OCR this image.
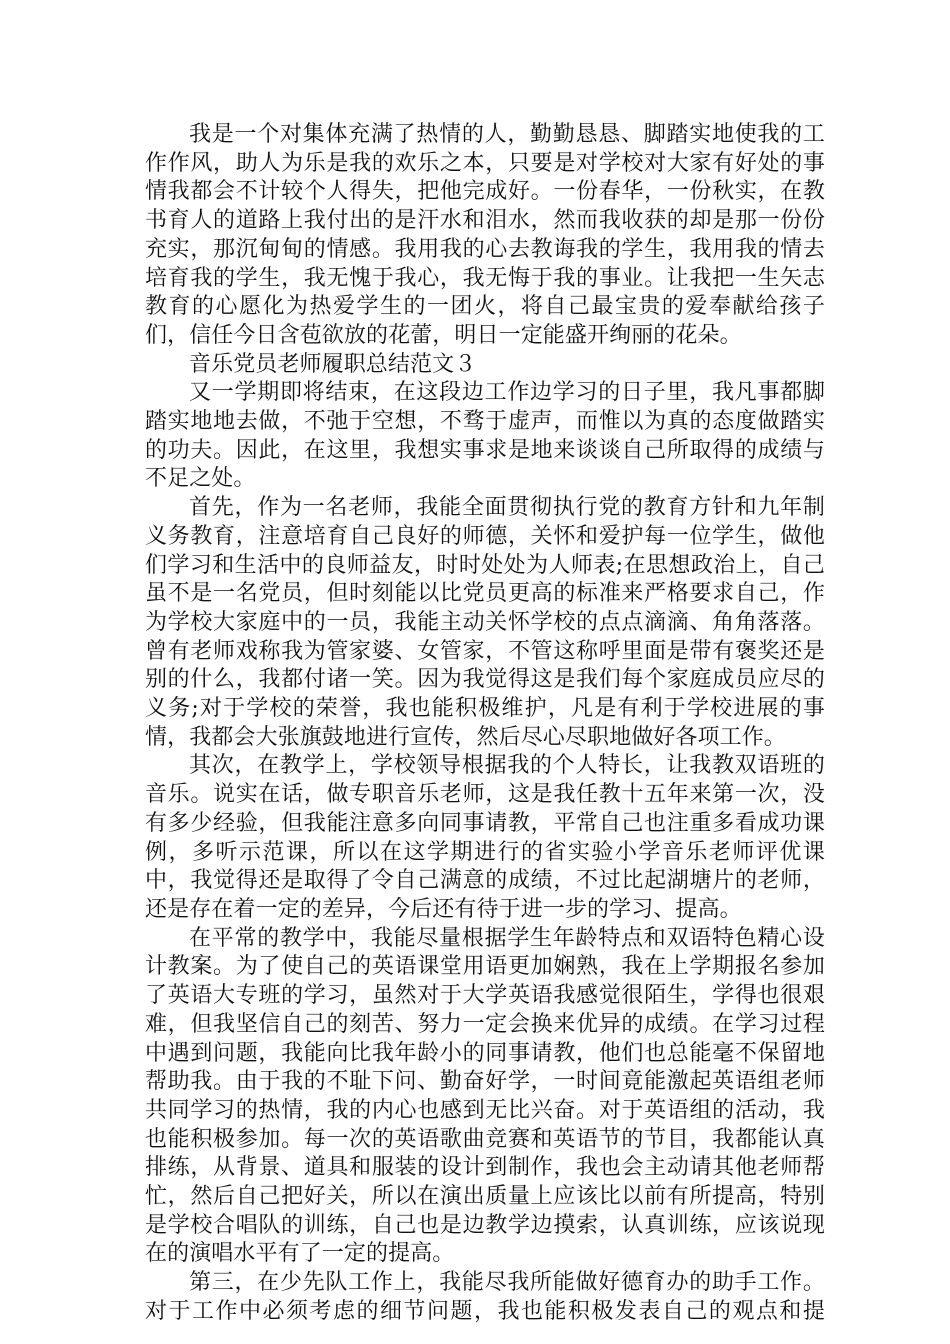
我是一个对集体充满了热情的人，勤勤恳恳、脚踏实地使我的工作作风，助人为乐是我的欢乐之本，只要是对学校对大家有好处的事情我都会不计较个人得失，把他完成好。一份春华，一份秋实，在教书育人的道路上我付出的是汗水和泪水，然而我收获的却是那一份份充实，那沉甸甸的情感。我用我的心去教诲我的学生，我用我的情去培育我的学生，我无愧于我心，我无悔于我的事业。让我把一生矢志教育的心愿化为热爱学生的一团火，将自己最宝贵的爱奉献给孩子们，信任今日含苞欲放的花蕾，明日一定能盛开绚丽的花朵。

音乐党员老师履职总结范文３

又一学期即将结束，在这段边工作边学习的日子里，我凡事都脚踏实地地去做，不弛于空想，不骛于虚声，而惟以为真的态度做踏实的功夫。因此，在这里，我想实事求是地来谈谈自己所取得的成绩与不足之处。

首先，作为一名老师，我能全面贯彻执行党的教育方针和九年制义务教育，注意培育自己良好的师德，关怀和爱护每一位学生，做他们学习和生活中的良师益友，时时处处为人师表;在思想政治上，自己虽不是一名党员，但时刻能以比党员更高的标准来严格要求自己，作为学校大家庭中的一员，我能主动关怀学校的点点滴滴、角角落落。曾有老师戏称我为管家婆、女管家，不管这称呼里面是带有褒奖还是别的什么，我都付诸一笑。因为我觉得这是我们每个家庭成员应尽的义务;对于学校的荣誉，我也能积极维护，凡是有利于学校进展的事情，我都会大张旗鼓地进行宣传，然后尽心尽职地做好各项工作。

其次，在教学上，学校领导根据我的个人特长，让我教双语班的音乐。说实在话，做专职音乐老师，这是我任教十五年来第一次，没有多少经验，但我能注意多向同事请教，平常自己也注重多看成功课例，多听示范课，所以在这学期进行的省实验小学音乐老师评优课中，我觉得还是取得了令自己满意的成绩，不过比起湖塘片的老师，还是存在着一定的差异，今后还有待于进一步的学习、提高。

在平常的教学中，我能尽量根据学生年龄特点和双语特色精心设计教案。为了使自己的英语课堂用语更加娴熟，我在上学期报名参加了英语大专班的学习，虽然对于大学英语我感觉很陌生，学得也很艰难，但我坚信自己的刻苦、努力一定会换来优异的成绩。在学习过程中遇到问题，我能向比我年龄小的同事请教，他们也总能毫不保留地帮助我。由于我的不耻下问、勤奋好学，一时间竟能激起英语组老师共同学习的热情，我的内心也感到无比兴奋。对于英语组的活动，我也能积极参加。每一次的英语歌曲竞赛和英语节的节目，我都能认真排练，从背景、道具和服装的设计到制作，我也会主动请其他老师帮忙，然后自己把好关，所以在演出质量上应该比以前有所提高，特别是学校合唱队的训练，自己也是边教学边摸索，认真训练，应该说现在的演唱水平有了一定的提高。

第三，在少先队工作上，我能尽我所能做好德育办的助手工作。对于工作中必须考虑的细节问题，我也能积极发表自己的观点和提
